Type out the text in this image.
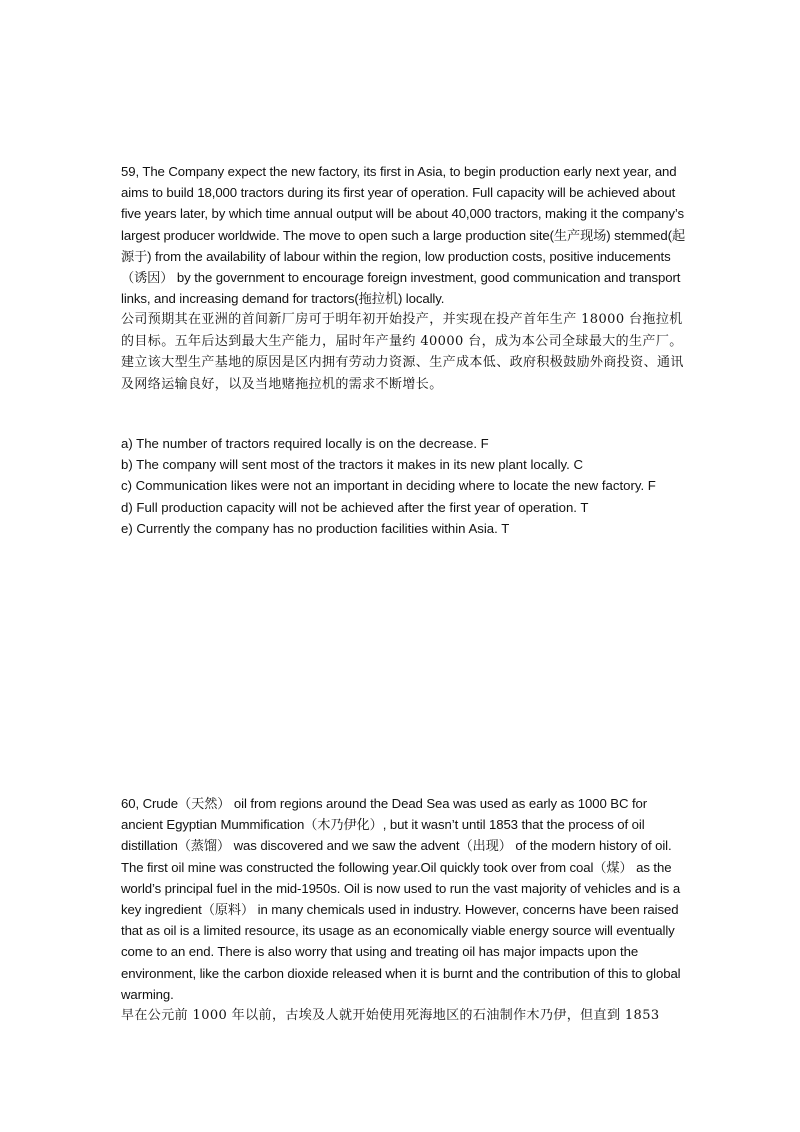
59, The Company expect the new factory, its first in Asia, to begin production early next year, and aims to build 18,000 tractors during its first year of operation. Full capacity will be achieved about five years later, by which time annual output will be about 40,000 tractors, making it the company’s largest producer worldwide. The move to open such a large production site(生产现场) stemmed(起源于) from the availability of labour within the region, low production costs, positive inducements（诱因） by the government to encourage foreign investment, good communication and transport links, and increasing demand for tractors(拖拉机) locally.

公司预期其在亚洲的首间新厂房可于明年初开始投产，并实现在投产首年生产 18000 台拖拉机的目标。五年后达到最大生产能力，届时年产量约 40000 台，成为本公司全球最大的生产厂。建立该大型生产基地的原因是区内拥有劳动力资源、生产成本低、政府积极鼓励外商投资、通讯及网络运输良好，以及当地赌拖拉机的需求不断增长。

a) The number of tractors required locally is on the decrease. F

b) The company will sent most of the tractors it makes in its new plant locally. C

c) Communication likes were not an important in deciding where to locate the new factory. F

d) Full production capacity will not be achieved after the first year of operation. T

e) Currently the company has no production facilities within Asia. T

60, Crude（天然） oil from regions around the Dead Sea was used as early as 1000 BC for ancient Egyptian Mummification（木乃伊化）, but it wasn’t until 1853 that the process of oil distillation（蒸馏） was discovered and we saw the advent（出现） of the modern history of oil. The first oil mine was constructed the following year.Oil quickly took over from coal（煤） as the world’s principal fuel in the mid-1950s. Oil is now used to run the vast majority of vehicles and is a key ingredient（原料） in many chemicals used in industry. However, concerns have been raised that as oil is a limited resource, its usage as an economically viable energy source will eventually come to an end. There is also worry that using and treating oil has major impacts upon the environment, like the carbon dioxide released when it is burnt and the contribution of this to global warming.

早在公元前 1000 年以前，古埃及人就开始使用死海地区的石油制作木乃伊，但直到 1853
